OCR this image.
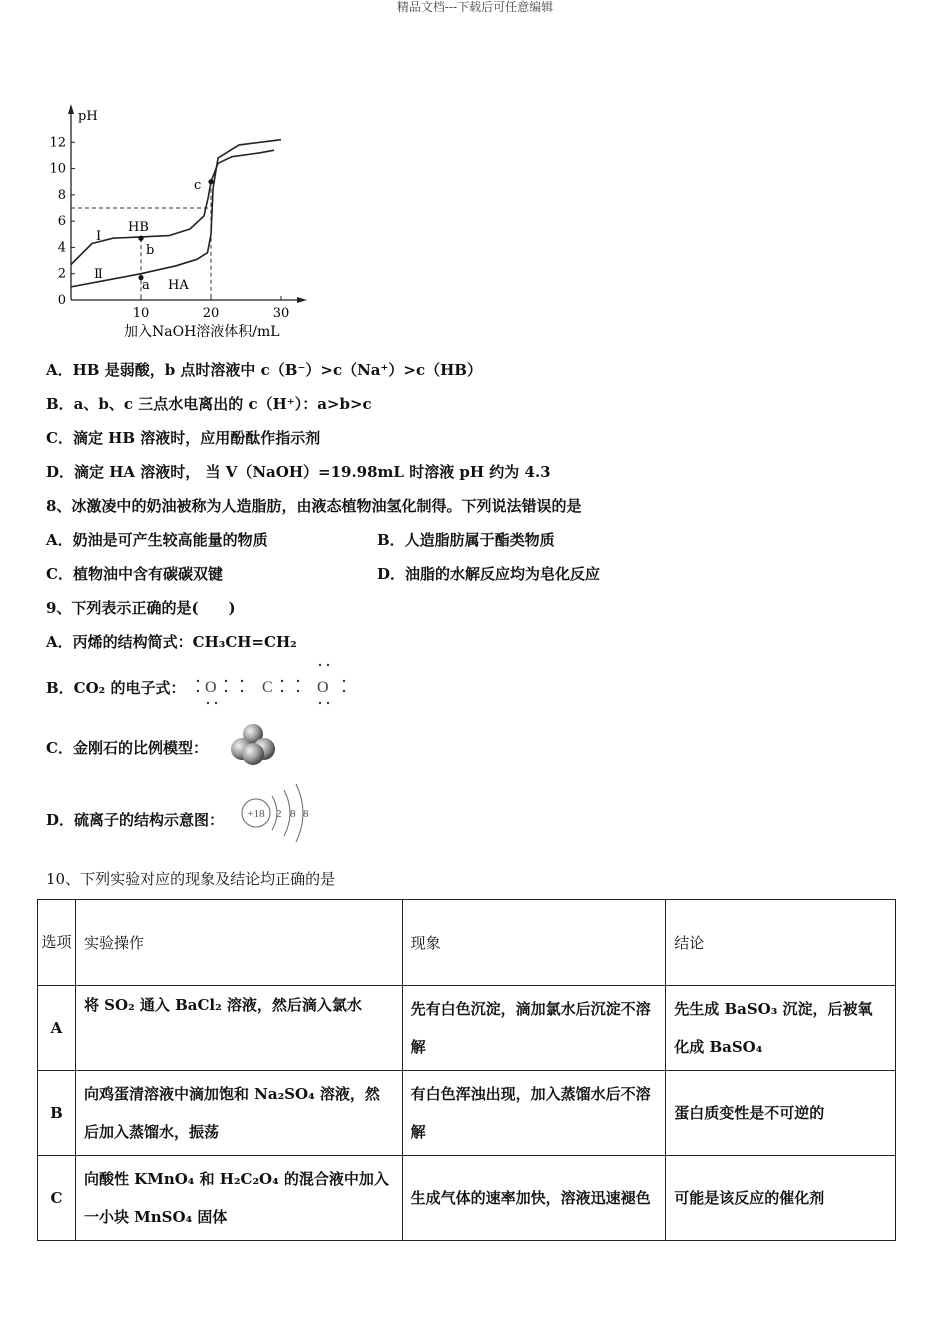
精品文档---下载后可任意编辑
10	20	30
12
10
8
6
4
2
0
pH
加入NaOH溶液体积/mL
Ⅰ
Ⅱ
HB
HA
b
a
c
A．HB 是弱酸，b 点时溶液中 c（B⁻）>c（Na⁺）>c（HB）
B．a、b、c 三点水电离出的 c（H⁺）：a>b>c
C．滴定 HB 溶液时，应用酚酞作指示剂
D．滴定 HA 溶液时， 当 V（NaOH）=19.98mL 时溶液 pH 约为 4.3
8、冰激凌中的奶油被称为人造脂肪，由液态植物油氢化制得。下列说法错误的是
A．奶油是可产生较高能量的物质	B．人造脂肪属于酯类物质
C．植物油中含有碳碳双键	D．油脂的水解反应均为皂化反应
9、下列表示正确的是(　　)
A．丙烯的结构简式：CH₃CH=CH₂
B．CO₂ 的电子式： O	C	O
C．金刚石的比例模型：
D．硫离子的结构示意图： +18 2 8 8
10、下列实验对应的现象及结论均正确的是
选项	实验操作	现象	结论
A	将 SO₂ 通入 BaCl₂ 溶液，然后滴入氯水	先有白色沉淀，滴加氯水后沉淀不溶解	先生成 BaSO₃ 沉淀，后被氧化成 BaSO₄
B	向鸡蛋清溶液中滴加饱和 Na₂SO₄ 溶液，然后加入蒸馏水，振荡	有白色浑浊出现，加入蒸馏水后不溶解	蛋白质变性是不可逆的
C	向酸性 KMnO₄ 和 H₂C₂O₄ 的混合液中加入一小块 MnSO₄ 固体	生成气体的速率加快，溶液迅速褪色	可能是该反应的催化剂
